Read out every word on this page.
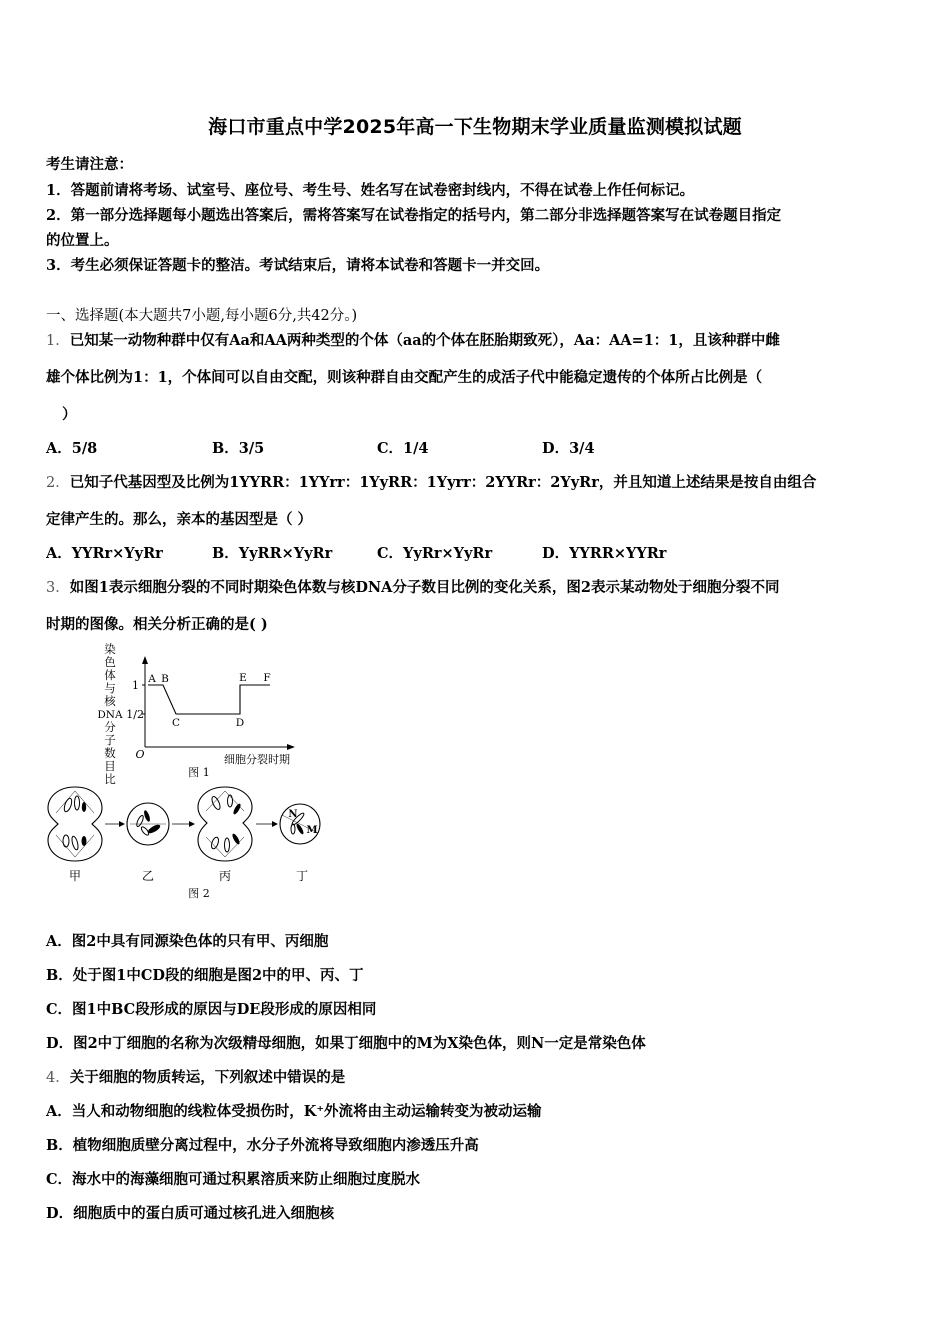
海口市重点中学2025年高一下生物期末学业质量监测模拟试题
考生请注意：
1．答题前请将考场、试室号、座位号、考生号、姓名写在试卷密封线内，不得在试卷上作任何标记。
2．第一部分选择题每小题选出答案后，需将答案写在试卷指定的括号内，第二部分非选择题答案写在试卷题目指定
的位置上。
3．考生必须保证答题卡的整洁。考试结束后，请将本试卷和答题卡一并交回。
一、选择题(本大题共7小题,每小题6分,共42分。)
1．已知某一动物种群中仅有Aa和AA两种类型的个体（aa的个体在胚胎期致死），Aa：AA=1：1，且该种群中雌
雄个体比例为1：1，个体间可以自由交配，则该种群自由交配产生的成活子代中能稳定遗传的个体所占比例是（
）
A．5/8	B．3/5	C．1/4	D．3/4
2．已知子代基因型及比例为1YYRR：1YYrr：1YyRR：1Yyrr：2YYRr：2YyRr，并且知道上述结果是按自由组合
定律产生的。那么，亲本的基因型是（ ）
A．YYRr×YyRr	B．YyRR×YyRr	C．YyRr×YyRr	D．YYRR×YYRr
3．如图1表示细胞分裂的不同时期染色体数与核DNA分子数目比例的变化关系，图2表示某动物处于细胞分裂不同
时期的图像。相关分析正确的是( )
染
色
体
与
核
DNA
分
子
数
目
比
1
1/2
O
A B
C	D
E F
细胞分裂时期
图 1
N
M
甲	乙	丙	丁
图 2
A．图2中具有同源染色体的只有甲、丙细胞
B．处于图1中CD段的细胞是图2中的甲、丙、丁
C．图1中BC段形成的原因与DE段形成的原因相同
D．图2中丁细胞的名称为次级精母细胞，如果丁细胞中的M为X染色体，则N一定是常染色体
4．关于细胞的物质转运，下列叙述中错误的是
A．当人和动物细胞的线粒体受损伤时，K⁺外流将由主动运输转变为被动运输
B．植物细胞质壁分离过程中，水分子外流将导致细胞内渗透压升高
C．海水中的海藻细胞可通过积累溶质来防止细胞过度脱水
D．细胞质中的蛋白质可通过核孔进入细胞核
